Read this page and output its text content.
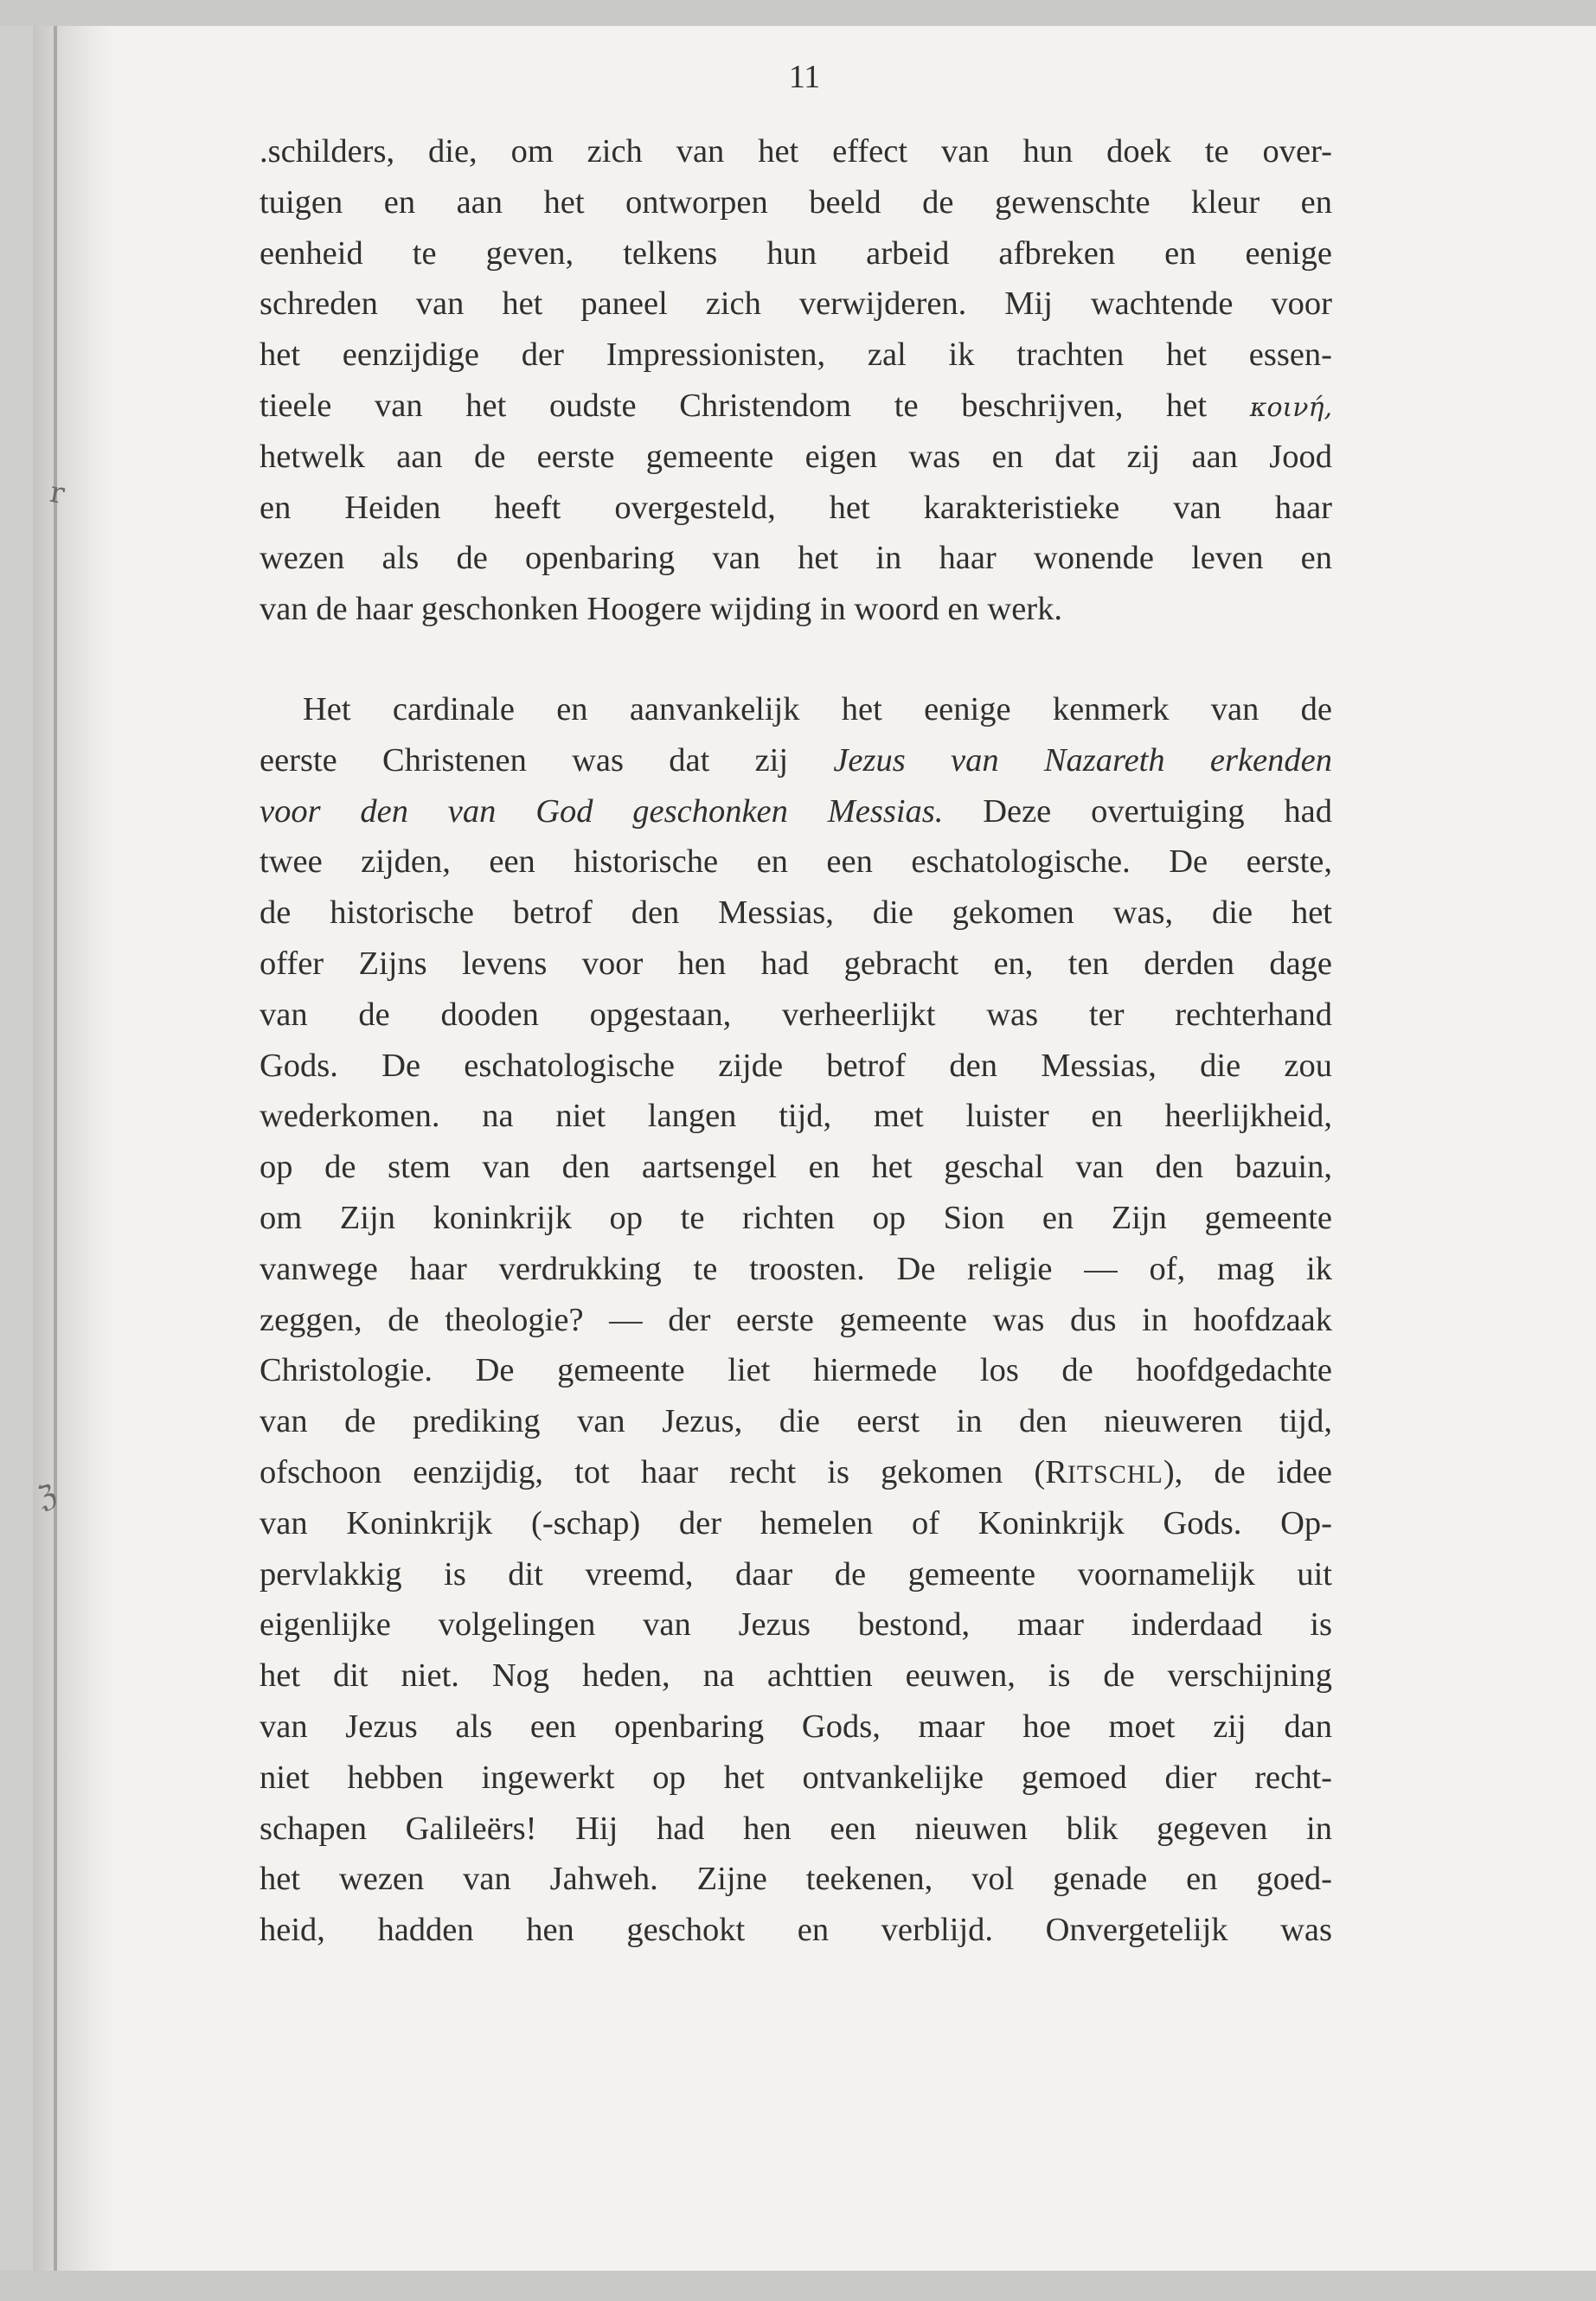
r
ℨ
11
.schilders, die, om zich van het effect van hun doek te over-
tuigen en aan het ontworpen beeld de gewenschte kleur en
eenheid te geven, telkens hun arbeid afbreken en eenige
schreden van het paneel zich verwijderen. Mij wachtende voor
het eenzijdige der Impressionisten, zal ik trachten het essen-
tieele van het oudste Christendom te beschrijven, het κοινή,
hetwelk aan de eerste gemeente eigen was en dat zij aan Jood
en Heiden heeft overgesteld, het karakteristieke van haar
wezen als de openbaring van het in haar wonende leven en
van de haar geschonken Hoogere wijding in woord en werk.
Het cardinale en aanvankelijk het eenige kenmerk van de
eerste Christenen was dat zij Jezus van Nazareth erkenden
voor den van God geschonken Messias. Deze overtuiging had
twee zijden, een historische en een eschatologische. De eerste,
de historische betrof den Messias, die gekomen was, die het
offer Zijns levens voor hen had gebracht en, ten derden dage
van de dooden opgestaan, verheerlijkt was ter rechterhand
Gods. De eschatologische zijde betrof den Messias, die zou
wederkomen. na niet langen tijd, met luister en heerlijkheid,
op de stem van den aartsengel en het geschal van den bazuin,
om Zijn koninkrijk op te richten op Sion en Zijn gemeente
vanwege haar verdrukking te troosten. De religie — of, mag ik
zeggen, de theologie? — der eerste gemeente was dus in hoofdzaak
Christologie. De gemeente liet hiermede los de hoofdgedachte
van de prediking van Jezus, die eerst in den nieuweren tijd,
ofschoon eenzijdig, tot haar recht is gekomen (RITSCHL), de idee
van Koninkrijk (-schap) der hemelen of Koninkrijk Gods. Op-
pervlakkig is dit vreemd, daar de gemeente voornamelijk uit
eigenlijke volgelingen van Jezus bestond, maar inderdaad is
het dit niet. Nog heden, na achttien eeuwen, is de verschijning
van Jezus als een openbaring Gods, maar hoe moet zij dan
niet hebben ingewerkt op het ontvankelijke gemoed dier recht-
schapen Galileërs! Hij had hen een nieuwen blik gegeven in
het wezen van Jahweh. Zijne teekenen, vol genade en goed-
heid, hadden hen geschokt en verblijd. Onvergetelijk was
